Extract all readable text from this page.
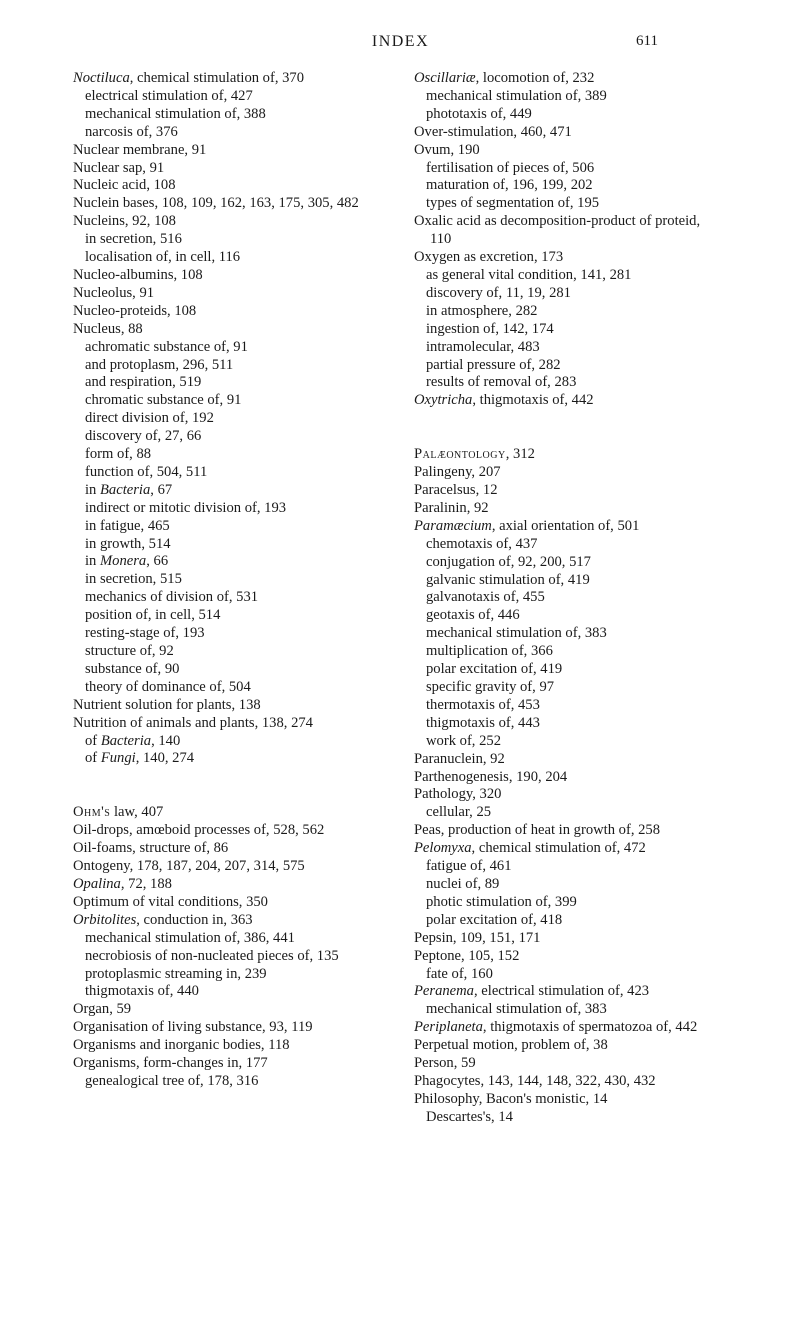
INDEX	611
Noctiluca, chemical stimulation of, 370
electrical stimulation of, 427
mechanical stimulation of, 388
narcosis of, 376
Nuclear membrane, 91
Nuclear sap, 91
Nucleic acid, 108
Nuclein bases, 108, 109, 162, 163, 175, 305, 482
Nucleins, 92, 108
in secretion, 516
localisation of, in cell, 116
Nucleo-albumins, 108
Nucleolus, 91
Nucleo-proteids, 108
Nucleus, 88
achromatic substance of, 91
and protoplasm, 296, 511
and respiration, 519
chromatic substance of, 91
direct division of, 192
discovery of, 27, 66
form of, 88
function of, 504, 511
in Bacteria, 67
indirect or mitotic division of, 193
in fatigue, 465
in growth, 514
in Monera, 66
in secretion, 515
mechanics of division of, 531
position of, in cell, 514
resting-stage of, 193
structure of, 92
substance of, 90
theory of dominance of, 504
Nutrient solution for plants, 138
Nutrition of animals and plants, 138, 274
of Bacteria, 140
of Fungi, 140, 274
Ohm's law, 407
Oil-drops, amœboid processes of, 528, 562
Oil-foams, structure of, 86
Ontogeny, 178, 187, 204, 207, 314, 575
Opalina, 72, 188
Optimum of vital conditions, 350
Orbitolites, conduction in, 363
mechanical stimulation of, 386, 441
necrobiosis of non-nucleated pieces of, 135
protoplasmic streaming in, 239
thigmotaxis of, 440
Organ, 59
Organisation of living substance, 93, 119
Organisms and inorganic bodies, 118
Organisms, form-changes in, 177
genealogical tree of, 178, 316
Oscillariæ, locomotion of, 232
mechanical stimulation of, 389
phototaxis of, 449
Over-stimulation, 460, 471
Ovum, 190
fertilisation of pieces of, 506
maturation of, 196, 199, 202
types of segmentation of, 195
Oxalic acid as decomposition-product of proteid, 110
Oxygen as excretion, 173
as general vital condition, 141, 281
discovery of, 11, 19, 281
in atmosphere, 282
ingestion of, 142, 174
intramolecular, 483
partial pressure of, 282
results of removal of, 283
Oxytricha, thigmotaxis of, 442
Palæontology, 312
Palingeny, 207
Paracelsus, 12
Paralinin, 92
Paramæcium, axial orientation of, 501
chemotaxis of, 437
conjugation of, 92, 200, 517
galvanic stimulation of, 419
galvanotaxis of, 455
geotaxis of, 446
mechanical stimulation of, 383
multiplication of, 366
polar excitation of, 419
specific gravity of, 97
thermotaxis of, 453
thigmotaxis of, 443
work of, 252
Paranuclein, 92
Parthenogenesis, 190, 204
Pathology, 320
cellular, 25
Peas, production of heat in growth of, 258
Pelomyxa, chemical stimulation of, 472
fatigue of, 461
nuclei of, 89
photic stimulation of, 399
polar excitation of, 418
Pepsin, 109, 151, 171
Peptone, 105, 152
fate of, 160
Peranema, electrical stimulation of, 423
mechanical stimulation of, 383
Periplaneta, thigmotaxis of spermatozoa of, 442
Perpetual motion, problem of, 38
Person, 59
Phagocytes, 143, 144, 148, 322, 430, 432
Philosophy, Bacon's monistic, 14
Descartes's, 14
